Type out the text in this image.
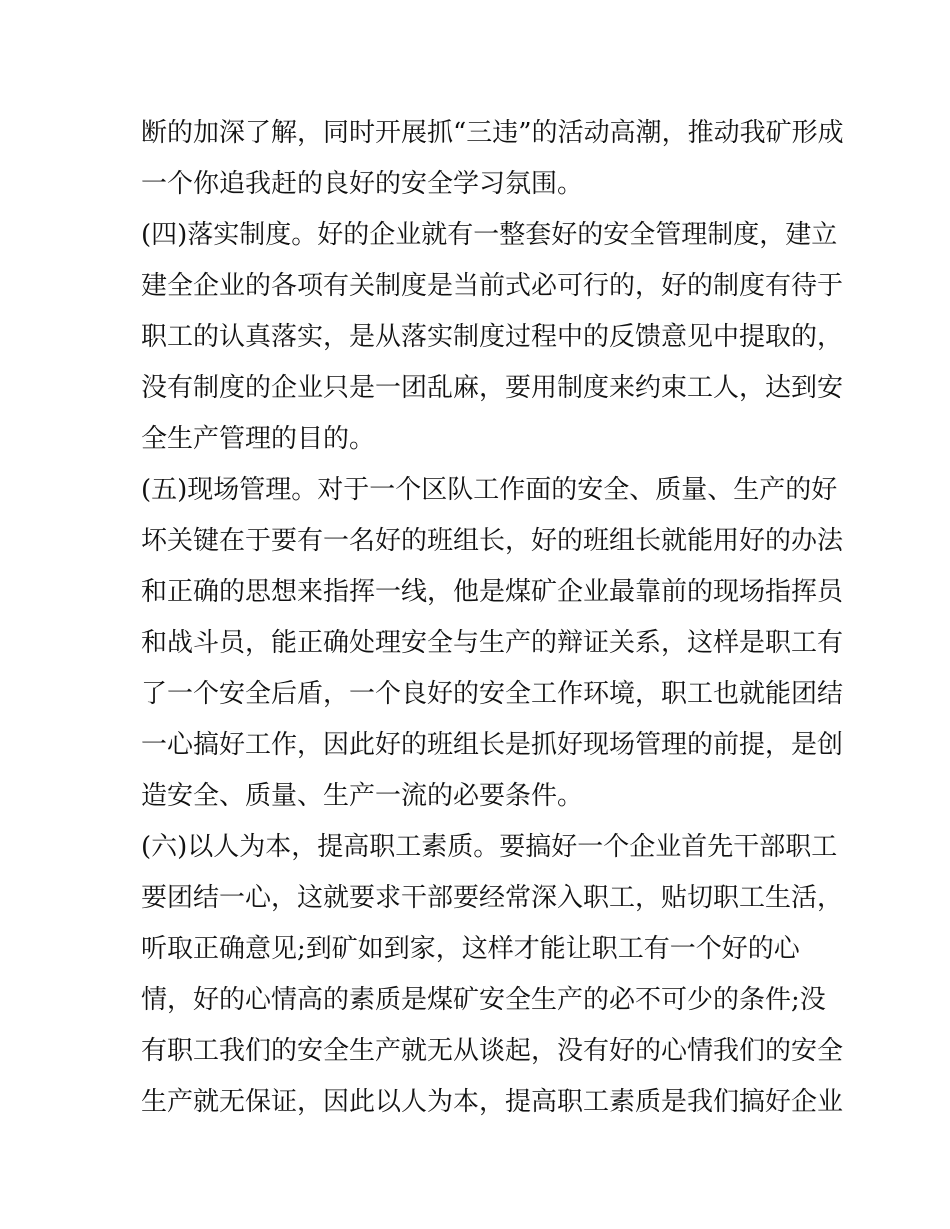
断的加深了解，同时开展抓“三违”的活动高潮，推动我矿形成
一个你追我赶的良好的安全学习氛围。
(四)落实制度。好的企业就有一整套好的安全管理制度，建立
建全企业的各项有关制度是当前式必可行的，好的制度有待于
职工的认真落实，是从落实制度过程中的反馈意见中提取的，
没有制度的企业只是一团乱麻，要用制度来约束工人，达到安
全生产管理的目的。
(五)现场管理。对于一个区队工作面的安全、质量、生产的好
坏关键在于要有一名好的班组长，好的班组长就能用好的办法
和正确的思想来指挥一线，他是煤矿企业最靠前的现场指挥员
和战斗员，能正确处理安全与生产的辩证关系，这样是职工有
了一个安全后盾，一个良好的安全工作环境，职工也就能团结
一心搞好工作，因此好的班组长是抓好现场管理的前提，是创
造安全、质量、生产一流的必要条件。
(六)以人为本，提高职工素质。要搞好一个企业首先干部职工
要团结一心，这就要求干部要经常深入职工，贴切职工生活，
听取正确意见;到矿如到家，这样才能让职工有一个好的心
情，好的心情高的素质是煤矿安全生产的必不可少的条件;没
有职工我们的安全生产就无从谈起，没有好的心情我们的安全
生产就无保证，因此以人为本，提高职工素质是我们搞好企业
